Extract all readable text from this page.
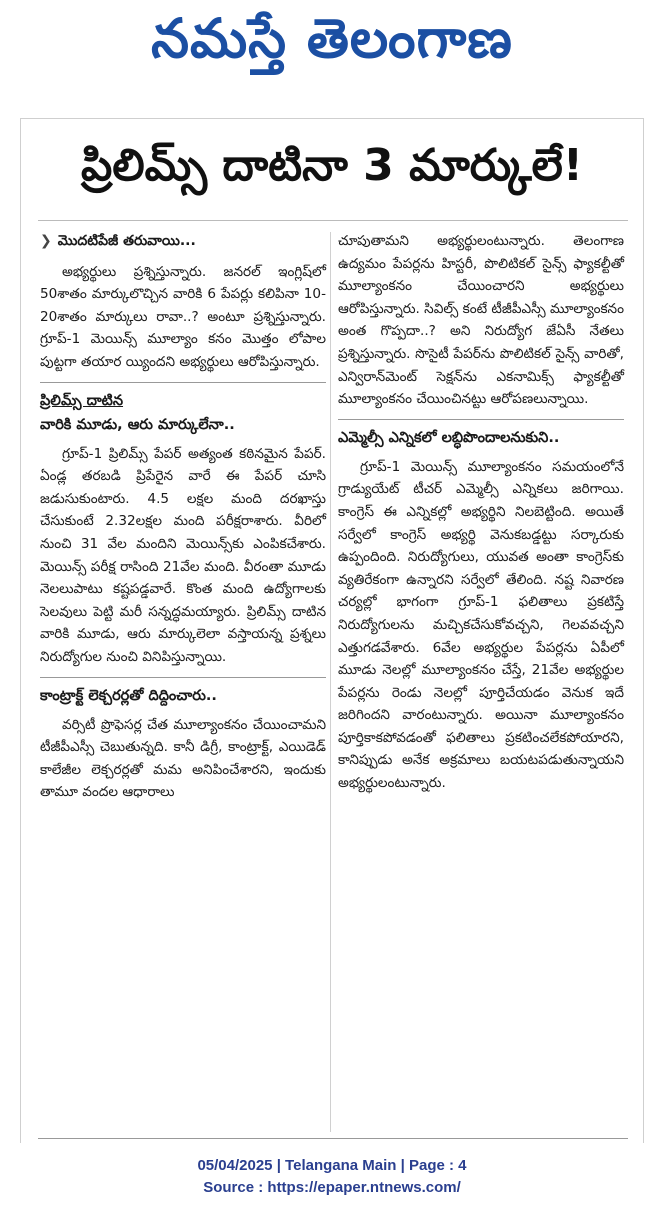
నమస్తే తెలంగాణ
ప్రిలిమ్స్ దాటినా 3 మార్కులే!
❯ మొదటిపేజీ తరువాయి...

అభ్యర్థులు ప్రశ్నిస్తున్నారు. జనరల్ ఇంగ్లిష్‌లో 50శాతం మార్కులొచ్చిన వారికి 6 పేపర్లు కలిపినా 10-20శాతం మార్కులు రావా..? అంటూ ప్రశ్నిస్తున్నారు. గ్రూప్-1 మెయిన్స్ మూల్యాం కనం మొత్తం లోపాల పుట్టగా తయార య్యిందని అభ్యర్థులు ఆరోపిస్తున్నారు.

ప్రిలిమ్స్ దాటిన
వారికి మూడు, ఆరు మార్కులేనా..

గ్రూప్-1 ప్రిలిమ్స్ పేపర్ అత్యంత కఠినమైన పేపర్. ఏండ్ల తరబడి ప్రిపేరైన వారే ఈ పేపర్ చూసి జడుసుకుంటారు. 4.5 లక్షల మంది దరఖాస్తు చేసుకుంటే 2.32లక్షల మంది పరీక్షరాశారు. వీరిలో నుంచి 31 వేల మందిని మెయిన్స్‌కు ఎంపికచేశారు. మెయిన్స్ పరీక్ష రాసింది 21వేల మంది. వీరంతా మూడు నెలలుపాటు కష్టపడ్డవారే. కొంత మంది ఉద్యోగాలకు సెలవులు పెట్టి మరీ సన్నద్ధమయ్యారు. ప్రిలిమ్స్ దాటిన వారికి మూడు, ఆరు మార్కులెలా వస్తాయన్న ప్రశ్నలు నిరుద్యోగుల నుంచి వినిపిస్తున్నాయి.

కాంట్రాక్ట్ లెక్చరర్లతో దిద్దించారు..

వర్సిటీ ప్రొఫెసర్ల చేత మూల్యాంకనం చేయించామని టీజీపీఎస్సీ చెబుతున్నది. కానీ డిగ్రీ, కాంట్రాక్ట్, ఎయిడెడ్ కాలేజీల లెక్చరర్లతో మమ అనిపించేశారని, ఇందుకు తామూ వందల ఆధారాలు

చూపుతామని అభ్యర్థులంటున్నారు. తెలంగాణ ఉద్యమం పేపర్లను హిస్టరీ, పొలిటికల్ సైన్స్ ఫ్యాకల్టీతో మూల్యాంకనం చేయించారని అభ్యర్థులు ఆరోపిస్తున్నారు. సివిల్స్ కంటే టీజీపీఎస్సీ మూల్యాంకనం అంత గొప్పదా..? అని నిరుద్యోగ జేఏసీ నేతలు ప్రశ్నిస్తున్నారు. సొసైటీ పేపర్‌ను పొలిటికల్ సైన్స్ వారితో, ఎన్విరాన్‌మెంట్ సెక్షన్‌ను ఎకనామిక్స్ ఫ్యాకల్టీతో మూల్యాంకనం చేయించినట్టు ఆరోపణలున్నాయి.

ఎమ్మెల్సీ ఎన్నికలో లబ్ధిపొందాలనుకుని..

గ్రూప్-1 మెయిన్స్ మూల్యాంకనం సమయంలోనే గ్రాడ్యుయేట్ టీచర్ ఎమ్మెల్సీ ఎన్నికలు జరిగాయి. కాంగ్రెస్ ఈ ఎన్నికల్లో అభ్యర్థిని నిలబెట్టింది. అయితే సర్వేలో కాంగ్రెస్ అభ్యర్థి వెనుకబడ్డట్టు సర్కారుకు ఉప్పందింది. నిరుద్యోగులు, యువత అంతా కాంగ్రెస్‌కు వ్యతిరేకంగా ఉన్నారని సర్వేలో తేలింది. నష్ట నివారణ చర్యల్లో భాగంగా గ్రూప్-1 ఫలితాలు ప్రకటిస్తే నిరుద్యోగులను మచ్చికచేసుకోవచ్చని, గెలవవచ్చని ఎత్తుగడవేశారు. 6వేల అభ్యర్థుల పేపర్లను ఏపీలో మూడు నెలల్లో మూల్యాంకనం చేస్తే, 21వేల అభ్యర్థుల పేపర్లను రెండు నెలల్లో పూర్తిచేయడం వెనుక ఇదే జరిగిందని వారంటున్నారు. అయినా మూల్యాంకనం పూర్తికాకపోవడంతో ఫలితాలు ప్రకటించలేకపోయారని, కానిప్పుడు అనేక అక్రమాలు బయటపడుతున్నాయని అభ్యర్థులంటున్నారు.

05/04/2025 | Telangana Main | Page : 4
Source : https://epaper.ntnews.com/
